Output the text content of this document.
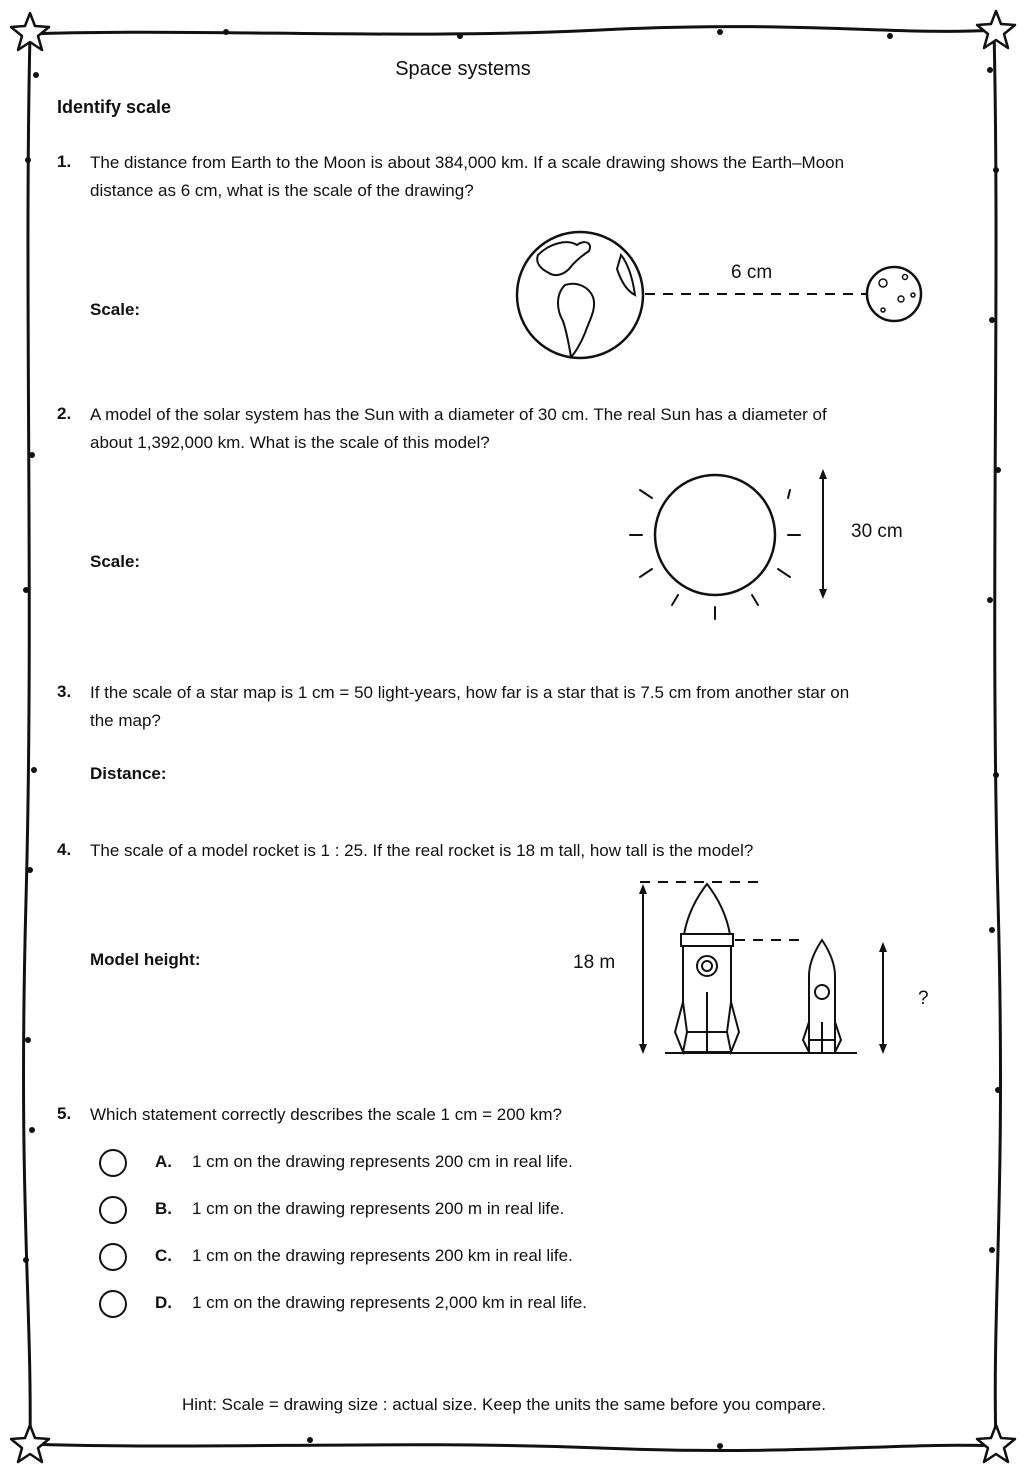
Space systems
Identify scale
1. The distance from Earth to the Moon is about 384,000 km. If a scale drawing shows the Earth–Moon distance as 6 cm, what is the scale of the drawing?
Scale:
6 cm
2. A model of the solar system has the Sun with a diameter of 30 cm. The real Sun has a diameter of about 1,392,000 km. What is the scale of this model?
Scale:
30 cm
3. If the scale of a star map is 1 cm = 50 light-years, how far is a star that is 7.5 cm from another star on the map?
Distance:
4. The scale of a model rocket is 1 : 25. If the real rocket is 18 m tall, how tall is the model?
Model height:	18 m
?
5. Which statement correctly describes the scale 1 cm = 200 km?
A. 1 cm on the drawing represents 200 cm in real life.
B. 1 cm on the drawing represents 200 m in real life.
C. 1 cm on the drawing represents 200 km in real life.
D. 1 cm on the drawing represents 2,000 km in real life.
Hint: Scale = drawing size : actual size. Keep the units the same before you compare.
